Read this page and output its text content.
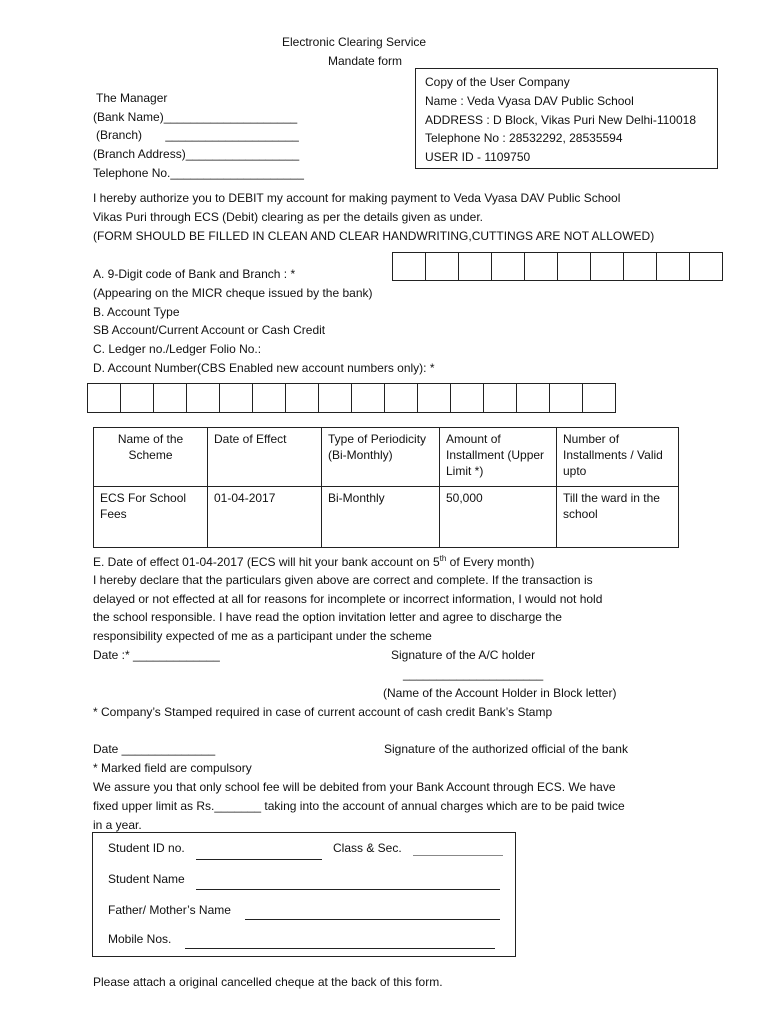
Electronic Clearing Service
Mandate form
Copy of the User Company
Name : Veda Vyasa DAV Public School
ADDRESS : D Block, Vikas Puri New Delhi-110018
Telephone No : 28532292, 28535594
USER ID - 1109750
The Manager
(Bank Name)____________________
(Branch)       ____________________
(Branch Address)_________________
Telephone No.____________________
I hereby authorize you to DEBIT my account for making payment to Veda Vyasa DAV Public School
Vikas Puri through ECS (Debit) clearing as per the details given as under.
(FORM SHOULD BE FILLED IN CLEAN AND CLEAR HANDWRITING,CUTTINGS ARE NOT ALLOWED)
A. 9-Digit code of Bank and Branch : *
(Appearing on the MICR cheque issued by the bank)
B. Account Type
SB Account/Current Account or Cash Credit
C. Ledger no./Ledger Folio No.:
D. Account Number(CBS Enabled new account numbers only): *
Name of the Scheme	Date of Effect	Type of Periodicity (Bi-Monthly)	Amount of Installment (Upper Limit *)	Number of Installments / Valid upto
ECS For School Fees	01-04-2017	Bi-Monthly	50,000	Till the ward in the school
E. Date of effect 01-04-2017 (ECS will hit your bank account on 5th of Every month)
I hereby declare that the particulars given above are correct and complete. If the transaction is
delayed or not effected at all for reasons for incomplete or incorrect information, I would not hold
the school responsible. I have read the option invitation letter and agree to discharge the
responsibility expected of me as a participant under the scheme
Date :* _____________	Signature of the A/C holder
_____________________
(Name of the Account Holder in Block letter)
* Company’s Stamped required in case of current account of cash credit Bank’s Stamp
Date ______________	Signature of the authorized official of the bank
* Marked field are compulsory
We assure you that only school fee will be debited from your Bank Account through ECS. We have
fixed upper limit as Rs._______ taking into the account of annual charges which are to be paid twice
in a year.
Student ID no.	Class & Sec.
Student Name
Father/ Mother’s Name
Mobile Nos.
Please attach a original cancelled cheque at the back of this form.
